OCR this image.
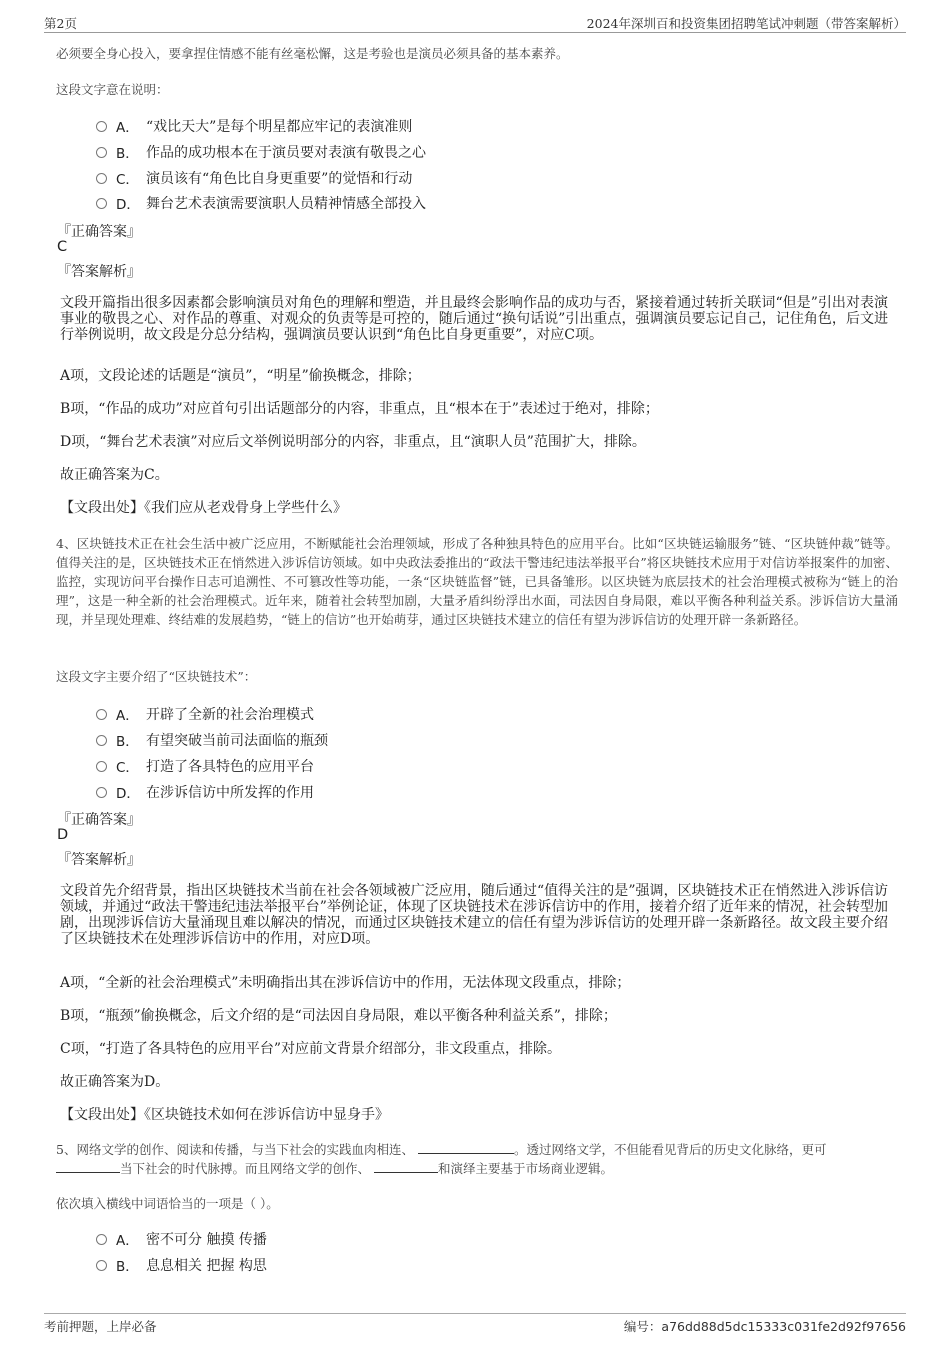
第2页	2024年深圳百和投资集团招聘笔试冲刺题（带答案解析）
必须要全身心投入，要拿捏住情感不能有丝毫松懈，这是考验也是演员必须具备的基本素养。
这段文字意在说明：
A． “戏比天大”是每个明星都应牢记的表演准则
B． 作品的成功根本在于演员要对表演有敬畏之心
C． 演员该有“角色比自身更重要”的觉悟和行动
D． 舞台艺术表演需要演职人员精神情感全部投入
『正确答案』
C
『答案解析』
文段开篇指出很多因素都会影响演员对角色的理解和塑造，并且最终会影响作品的成功与否，紧接着通过转折关联词“但是”引出对表演事业的敬畏之心、对作品的尊重、对观众的负责等是可控的，随后通过“换句话说”引出重点，强调演员要忘记自己，记住角色，后文进行举例说明，故文段是分总分结构，强调演员要认识到“角色比自身更重要”，对应C项。
A项，文段论述的话题是“演员”，“明星”偷换概念，排除；
B项，“作品的成功”对应首句引出话题部分的内容，非重点，且“根本在于”表述过于绝对，排除；
D项，“舞台艺术表演”对应后文举例说明部分的内容，非重点，且“演职人员”范围扩大，排除。
故正确答案为C。
【文段出处】《我们应从老戏骨身上学些什么》
4、区块链技术正在社会生活中被广泛应用，不断赋能社会治理领域，形成了各种独具特色的应用平台。比如“区块链运输服务”链、“区块链仲裁”链等。值得关注的是，区块链技术正在悄然进入涉诉信访领域。如中央政法委推出的“政法干警违纪违法举报平台”将区块链技术应用于对信访举报案件的加密、监控，实现访问平台操作日志可追溯性、不可篡改性等功能，一条“区块链监督”链，已具备雏形。以区块链为底层技术的社会治理模式被称为“链上的治理”，这是一种全新的社会治理模式。近年来，随着社会转型加剧，大量矛盾纠纷浮出水面，司法因自身局限，难以平衡各种利益关系。涉诉信访大量涌现，并呈现处理难、终结难的发展趋势，“链上的信访”也开始萌芽，通过区块链技术建立的信任有望为涉诉信访的处理开辟一条新路径。
这段文字主要介绍了“区块链技术”：
A． 开辟了全新的社会治理模式
B． 有望突破当前司法面临的瓶颈
C． 打造了各具特色的应用平台
D． 在涉诉信访中所发挥的作用
『正确答案』
D
『答案解析』
文段首先介绍背景，指出区块链技术当前在社会各领域被广泛应用，随后通过“值得关注的是”强调，区块链技术正在悄然进入涉诉信访领域，并通过“政法干警违纪违法举报平台”举例论证，体现了区块链技术在涉诉信访中的作用，接着介绍了近年来的情况，社会转型加剧，出现涉诉信访大量涌现且难以解决的情况，而通过区块链技术建立的信任有望为涉诉信访的处理开辟一条新路径。故文段主要介绍了区块链技术在处理涉诉信访中的作用，对应D项。
A项，“全新的社会治理模式”未明确指出其在涉诉信访中的作用，无法体现文段重点，排除；
B项，“瓶颈”偷换概念，后文介绍的是“司法因自身局限，难以平衡各种利益关系”，排除；
C项，“打造了各具特色的应用平台”对应前文背景介绍部分，非文段重点，排除。
故正确答案为D。
【文段出处】《区块链技术如何在涉诉信访中显身手》
5、网络文学的创作、阅读和传播，与当下社会的实践血肉相连、	。透过网络文学，不但能看见背后的历史文化脉络，更可
当下社会的时代脉搏。而且网络文学的创作、	和演绎主要基于市场商业逻辑。
依次填入横线中词语恰当的一项是（ ）。
A． 密不可分 触摸 传播
B． 息息相关 把握 构思
考前押题，上岸必备	编号：a76dd88d5dc15333c031fe2d92f97656
